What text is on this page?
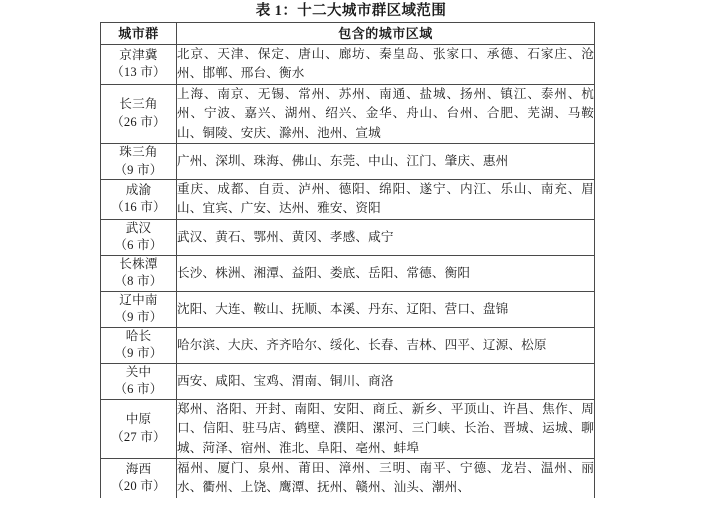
表 1：十二大城市群区域范围
城市群	包含的城市区域

京津冀
（13 市）	北京、天津、保定、唐山、廊坊、秦皇岛、张家口、承德、石家庄、沧州、邯郸、邢台、衡水

长三角
（26 市）	上海、南京、无锡、常州、苏州、南通、盐城、扬州、镇江、泰州、杭州、宁波、嘉兴、湖州、绍兴、金华、舟山、台州、合肥、芜湖、马鞍山、铜陵、安庆、滁州、池州、宣城

珠三角
（9 市）	广州、深圳、珠海、佛山、东莞、中山、江门、肇庆、惠州

成渝
（16 市）	重庆、成都、自贡、泸州、德阳、绵阳、遂宁、内江、乐山、南充、眉山、宜宾、广安、达州、雅安、资阳

武汉
（6 市）	武汉、黄石、鄂州、黄冈、孝感、咸宁

长株潭
（8 市）	长沙、株洲、湘潭、益阳、娄底、岳阳、常德、衡阳

辽中南
（9 市）	沈阳、大连、鞍山、抚顺、本溪、丹东、辽阳、营口、盘锦

哈长
（9 市）	哈尔滨、大庆、齐齐哈尔、绥化、长春、吉林、四平、辽源、松原

关中
（6 市）	西安、咸阳、宝鸡、渭南、铜川、商洛

中原
（27 市）	郑州、洛阳、开封、南阳、安阳、商丘、新乡、平顶山、许昌、焦作、周口、信阳、驻马店、鹤壁、濮阳、漯河、三门峡、长治、晋城、运城、聊城、菏泽、宿州、淮北、阜阳、亳州、蚌埠

海西
（20 市）	福州、厦门、泉州、莆田、漳州、三明、南平、宁德、龙岩、温州、丽水、衢州、上饶、鹰潭、抚州、赣州、汕头、潮州、
